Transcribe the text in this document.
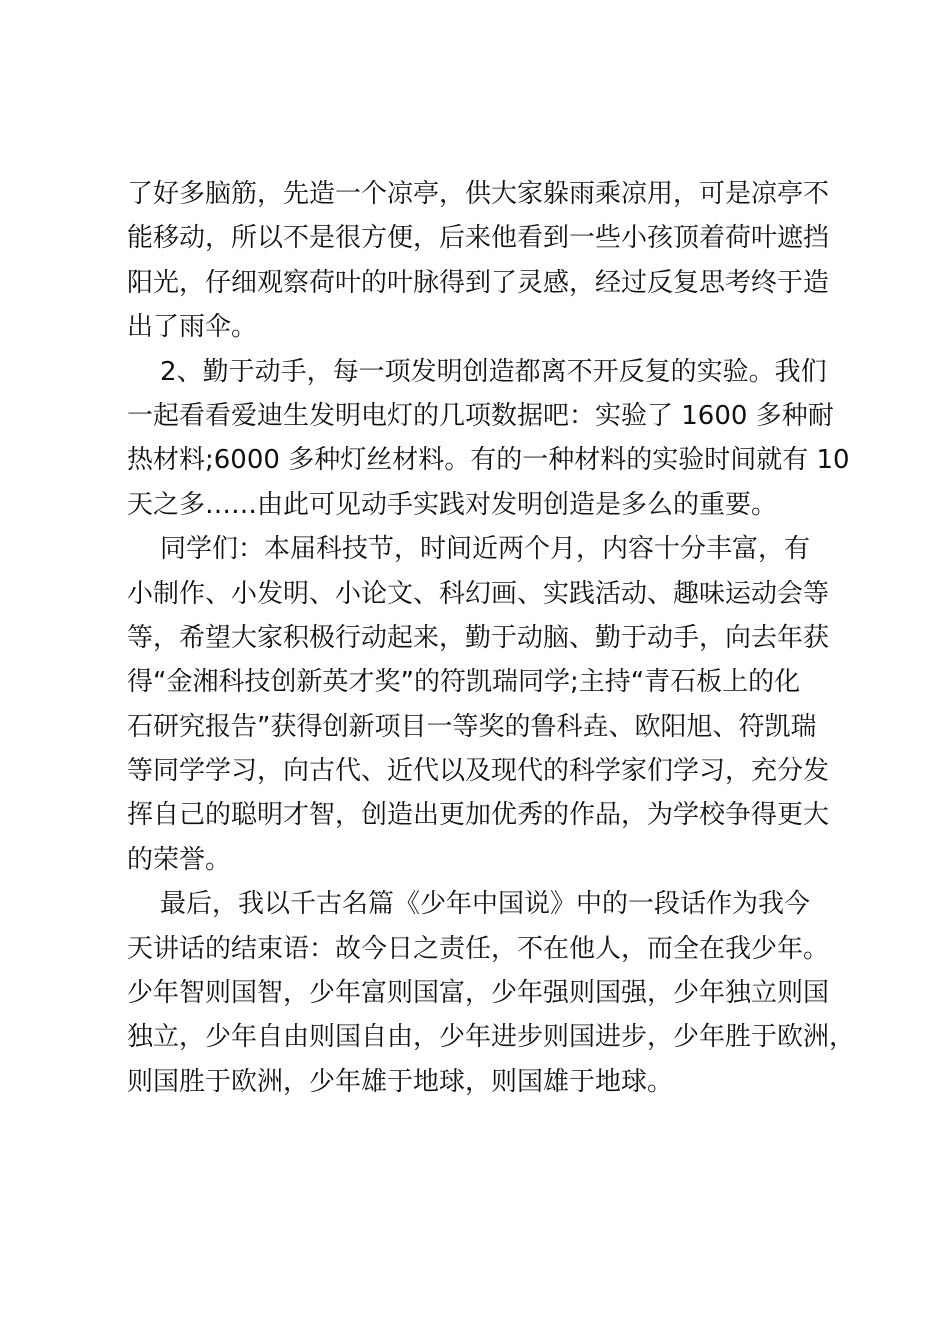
了好多脑筋，先造一个凉亭，供大家躲雨乘凉用，可是凉亭不
能移动，所以不是很方便，后来他看到一些小孩顶着荷叶遮挡
阳光，仔细观察荷叶的叶脉得到了灵感，经过反复思考终于造
出了雨伞。
2、勤于动手，每一项发明创造都离不开反复的实验。我们
一起看看爱迪生发明电灯的几项数据吧：实验了 1600 多种耐
热材料;6000 多种灯丝材料。有的一种材料的实验时间就有 10
天之多……由此可见动手实践对发明创造是多么的重要。
同学们：本届科技节，时间近两个月，内容十分丰富，有
小制作、小发明、小论文、科幻画、实践活动、趣味运动会等
等，希望大家积极行动起来，勤于动脑、勤于动手，向去年获
得“金湘科技创新英才奖”的符凯瑞同学;主持“青石板上的化
石研究报告”获得创新项目一等奖的鲁科垚、欧阳旭、符凯瑞
等同学学习，向古代、近代以及现代的科学家们学习，充分发
挥自己的聪明才智，创造出更加优秀的作品，为学校争得更大
的荣誉。
最后，我以千古名篇《少年中国说》中的一段话作为我今
天讲话的结束语：故今日之责任，不在他人，而全在我少年。
少年智则国智，少年富则国富，少年强则国强，少年独立则国
独立，少年自由则国自由，少年进步则国进步，少年胜于欧洲，
则国胜于欧洲，少年雄于地球，则国雄于地球。
